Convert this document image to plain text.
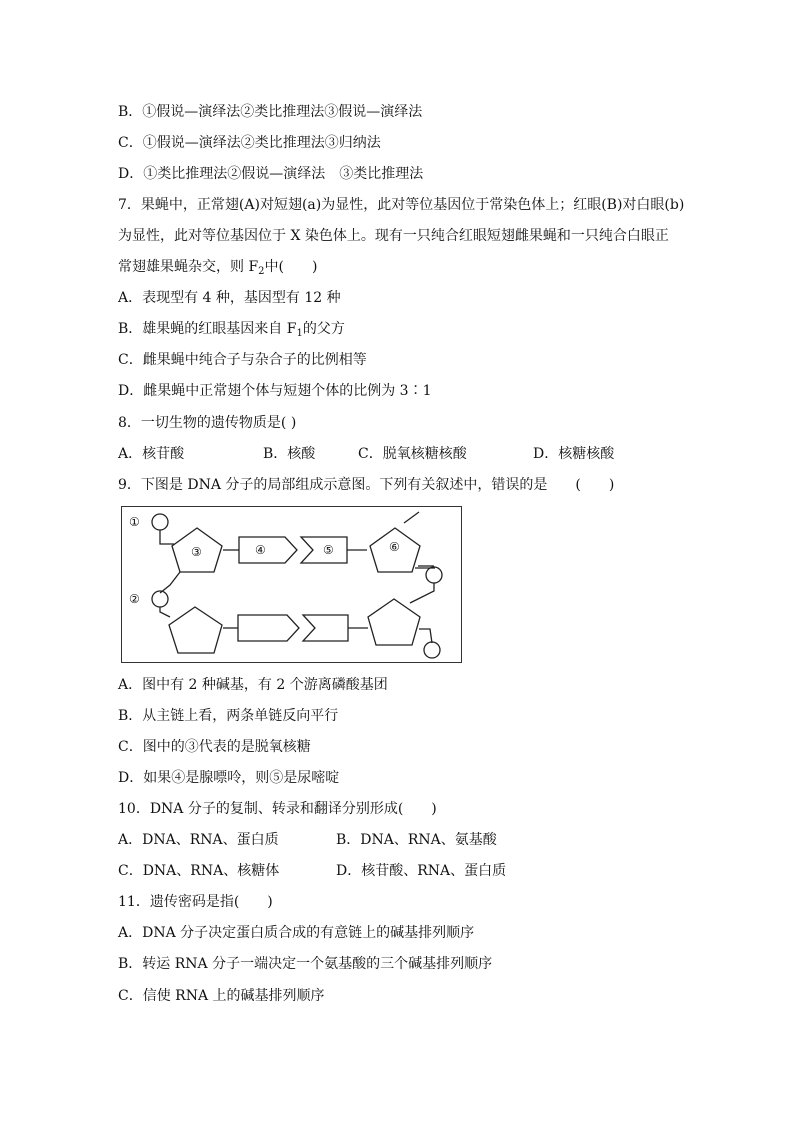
B．①假说—演绎法②类比推理法③假说—演绎法
C．①假说—演绎法②类比推理法③归纳法
D．①类比推理法②假说—演绎法　③类比推理法
7．果蝇中，正常翅(A)对短翅(a)为显性，此对等位基因位于常染色体上；红眼(B)对白眼(b)
为显性，此对等位基因位于 X 染色体上。现有一只纯合红眼短翅雌果蝇和一只纯合白眼正
常翅雄果蝇杂交，则 $F_2$中(　　)
A．表现型有 4 种，基因型有 12 种
B．雄果蝇的红眼基因来自 $F_1$的父方
C．雌果蝇中纯合子与杂合子的比例相等
D．雌果蝇中正常翅个体与短翅个体的比例为 3∶1
8．一切生物的遗传物质是( )
A．核苷酸	B．核酸	C．脱氧核糖核酸	D．核糖核酸
9．下图是 DNA 分子的局部组成示意图。下列有关叙述中，错误的是　　(　　)
①
②
③	④	⑤	⑥
A．图中有 2 种碱基，有 2 个游离磷酸基团
B．从主链上看，两条单链反向平行
C．图中的③代表的是脱氧核糖
D．如果④是腺嘌呤，则⑤是尿嘧啶
10．DNA 分子的复制、转录和翻译分别形成(　　)
A．DNA、RNA、蛋白质	B．DNA、RNA、氨基酸
C．DNA、RNA、核糖体	D．核苷酸、RNA、蛋白质
11．遗传密码是指(　　)
A．DNA 分子决定蛋白质合成的有意链上的碱基排列顺序
B．转运 RNA 分子一端决定一个氨基酸的三个碱基排列顺序
C．信使 RNA 上的碱基排列顺序
